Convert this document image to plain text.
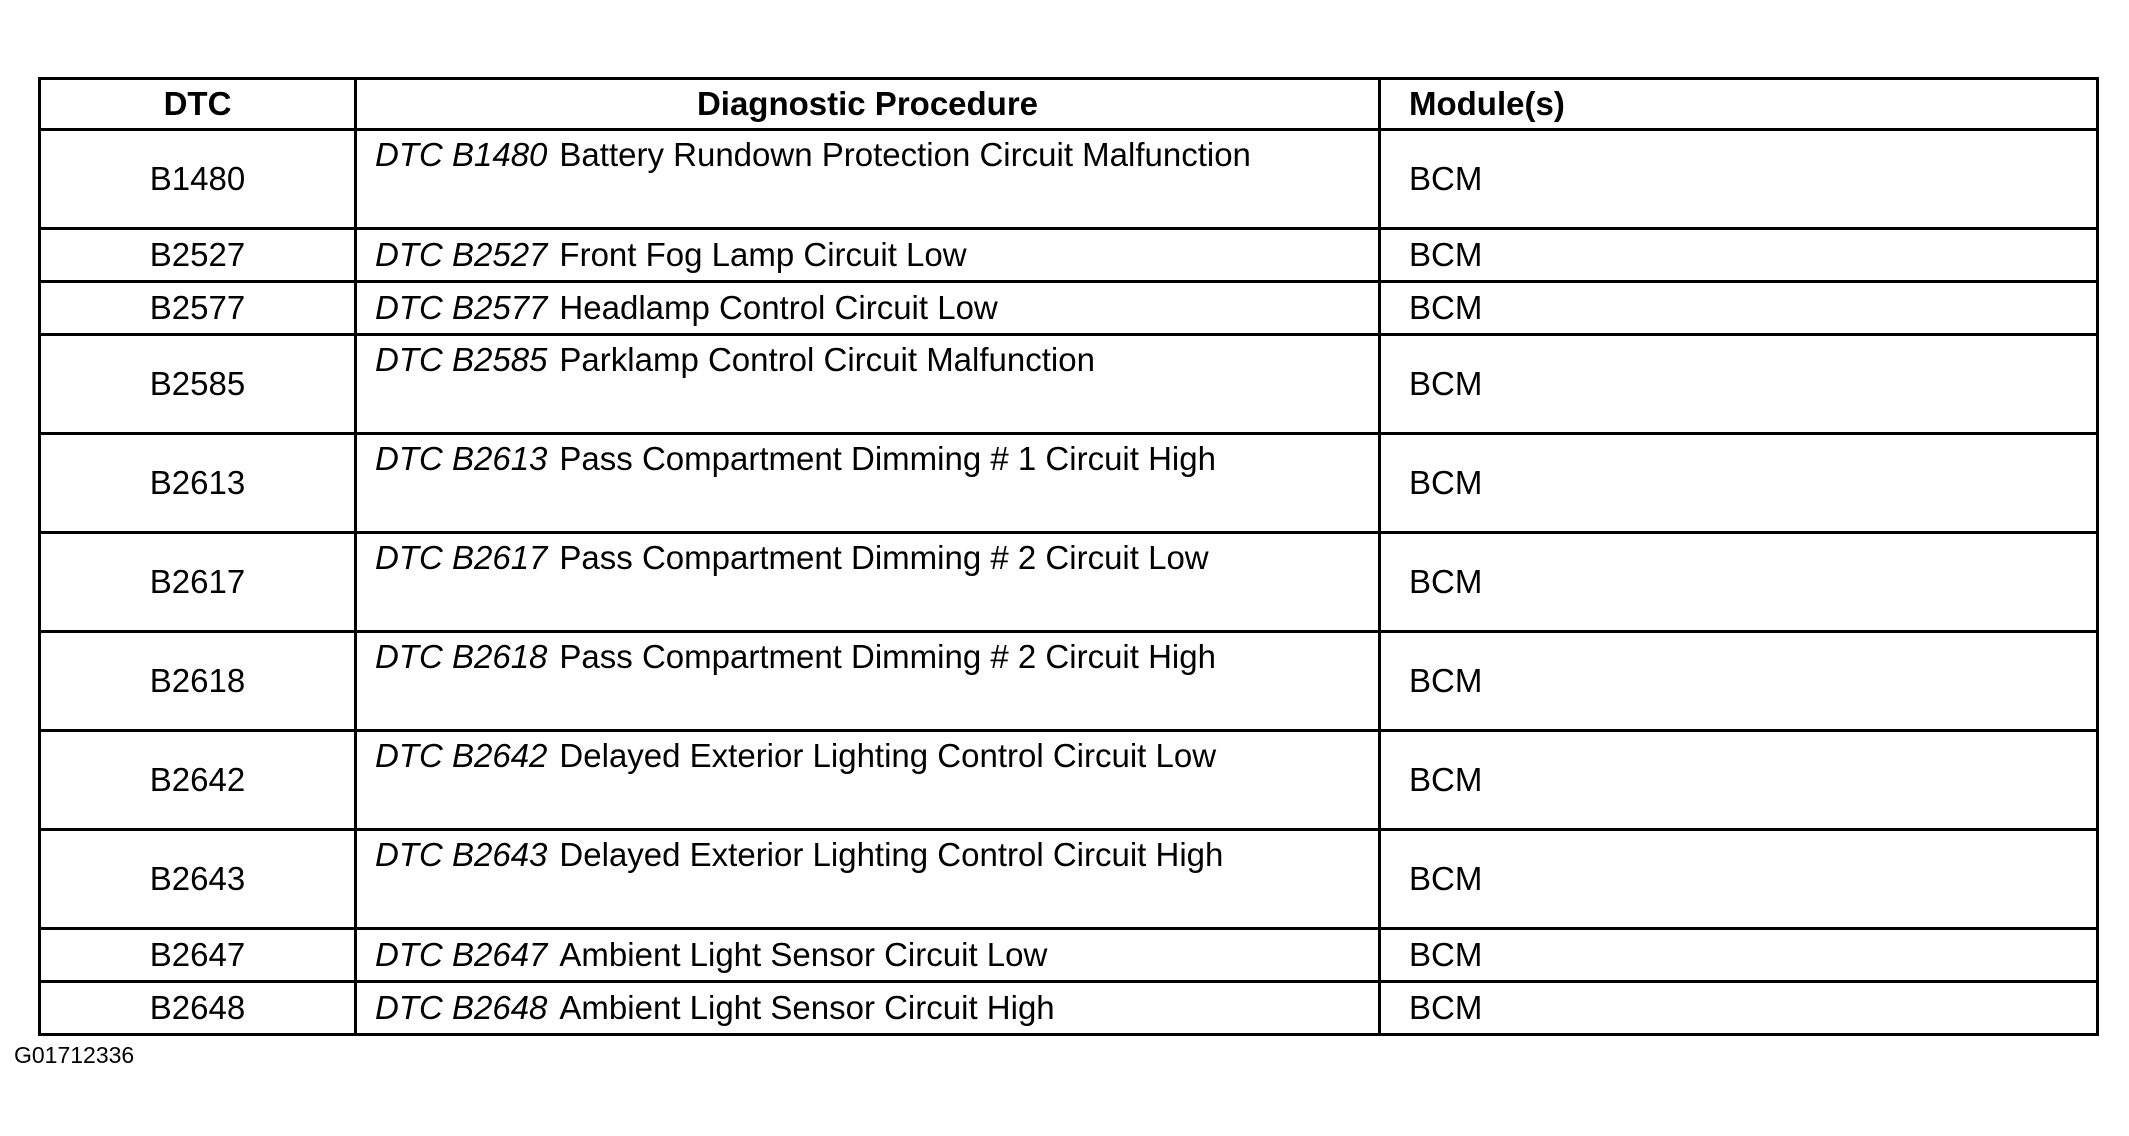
DTC	Diagnostic Procedure	Module(s)
B1480	DTC B1480 Battery Rundown Protection Circuit Malfunction	BCM
B2527	DTC B2527 Front Fog Lamp Circuit Low	BCM
B2577	DTC B2577 Headlamp Control Circuit Low	BCM
B2585	DTC B2585 Parklamp Control Circuit Malfunction	BCM
B2613	DTC B2613 Pass Compartment Dimming # 1 Circuit High	BCM
B2617	DTC B2617 Pass Compartment Dimming # 2 Circuit Low	BCM
B2618	DTC B2618 Pass Compartment Dimming # 2 Circuit High	BCM
B2642	DTC B2642 Delayed Exterior Lighting Control Circuit Low	BCM
B2643	DTC B2643 Delayed Exterior Lighting Control Circuit High	BCM
B2647	DTC B2647 Ambient Light Sensor Circuit Low	BCM
B2648	DTC B2648 Ambient Light Sensor Circuit High	BCM
G01712336
